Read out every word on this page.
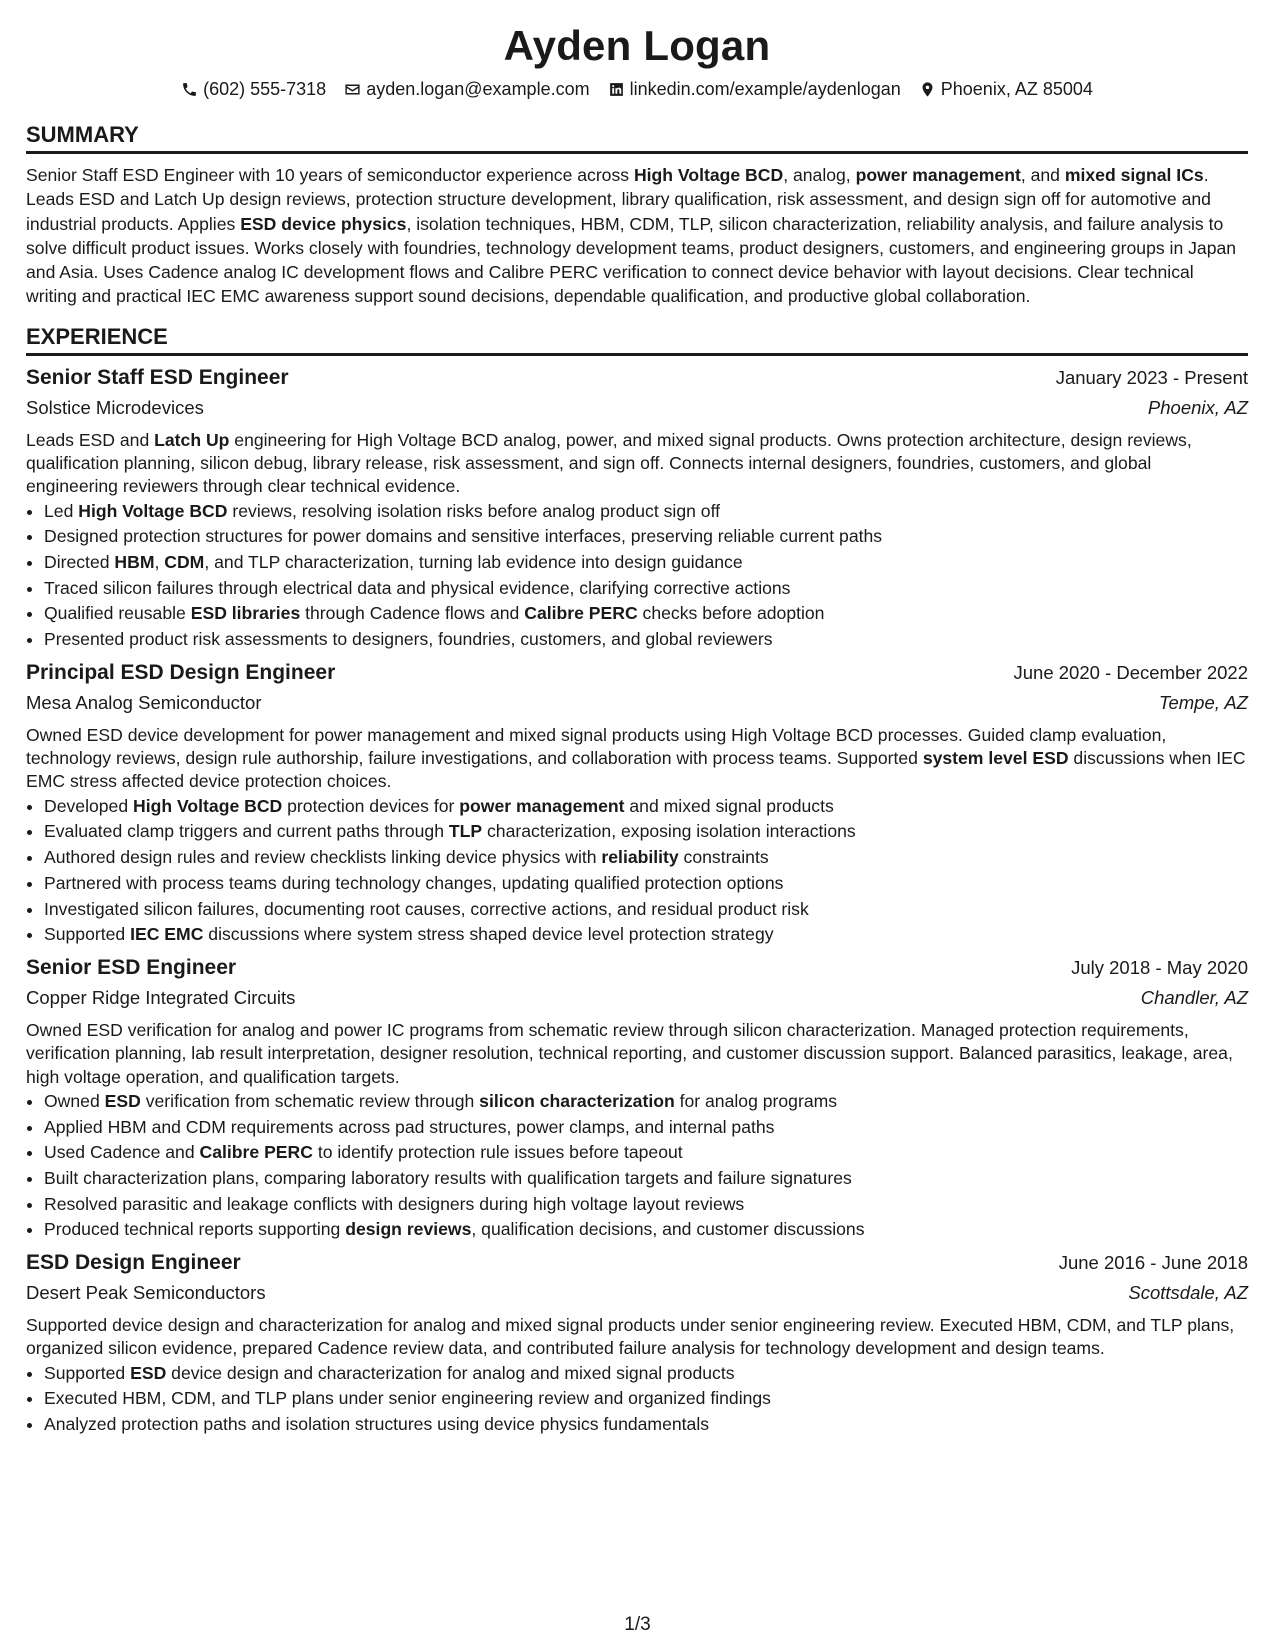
Ayden Logan
(602) 555-7318 ayden.logan@example.com linkedin.com/example/aydenlogan Phoenix, AZ 85004
SUMMARY

Senior Staff ESD Engineer with 10 years of semiconductor experience across High Voltage BCD, analog, power management, and mixed signal ICs. Leads ESD and Latch Up design reviews, protection structure development, library qualification, risk assessment, and design sign off for automotive and industrial products. Applies ESD device physics, isolation techniques, HBM, CDM, TLP, silicon characterization, reliability analysis, and failure analysis to solve difficult product issues. Works closely with foundries, technology development teams, product designers, customers, and engineering groups in Japan and Asia. Uses Cadence analog IC development flows and Calibre PERC verification to connect device behavior with layout decisions. Clear technical writing and practical IEC EMC awareness support sound decisions, dependable qualification, and productive global collaboration.

EXPERIENCE
Senior Staff ESD Engineer	January 2023 - Present
Solstice Microdevices	Phoenix, AZ

Leads ESD and Latch Up engineering for High Voltage BCD analog, power, and mixed signal products. Owns protection architecture, design reviews, qualification planning, silicon debug, library release, risk assessment, and sign off. Connects internal designers, foundries, customers, and global engineering reviewers through clear technical evidence.

• Led High Voltage BCD reviews, resolving isolation risks before analog product sign off
• Designed protection structures for power domains and sensitive interfaces, preserving reliable current paths
• Directed HBM, CDM, and TLP characterization, turning lab evidence into design guidance
• Traced silicon failures through electrical data and physical evidence, clarifying corrective actions
• Qualified reusable ESD libraries through Cadence flows and Calibre PERC checks before adoption
• Presented product risk assessments to designers, foundries, customers, and global reviewers
Principal ESD Design Engineer	June 2020 - December 2022
Mesa Analog Semiconductor	Tempe, AZ

Owned ESD device development for power management and mixed signal products using High Voltage BCD processes. Guided clamp evaluation, technology reviews, design rule authorship, failure investigations, and collaboration with process teams. Supported system level ESD discussions when IEC EMC stress affected device protection choices.

• Developed High Voltage BCD protection devices for power management and mixed signal products
• Evaluated clamp triggers and current paths through TLP characterization, exposing isolation interactions
• Authored design rules and review checklists linking device physics with reliability constraints
• Partnered with process teams during technology changes, updating qualified protection options
• Investigated silicon failures, documenting root causes, corrective actions, and residual product risk
• Supported IEC EMC discussions where system stress shaped device level protection strategy
Senior ESD Engineer	July 2018 - May 2020
Copper Ridge Integrated Circuits	Chandler, AZ

Owned ESD verification for analog and power IC programs from schematic review through silicon characterization. Managed protection requirements, verification planning, lab result interpretation, designer resolution, technical reporting, and customer discussion support. Balanced parasitics, leakage, area, high voltage operation, and qualification targets.

• Owned ESD verification from schematic review through silicon characterization for analog programs
• Applied HBM and CDM requirements across pad structures, power clamps, and internal paths
• Used Cadence and Calibre PERC to identify protection rule issues before tapeout
• Built characterization plans, comparing laboratory results with qualification targets and failure signatures
• Resolved parasitic and leakage conflicts with designers during high voltage layout reviews
• Produced technical reports supporting design reviews, qualification decisions, and customer discussions
ESD Design Engineer	June 2016 - June 2018
Desert Peak Semiconductors	Scottsdale, AZ

Supported device design and characterization for analog and mixed signal products under senior engineering review. Executed HBM, CDM, and TLP plans, organized silicon evidence, prepared Cadence review data, and contributed failure analysis for technology development and design teams.

• Supported ESD device design and characterization for analog and mixed signal products
• Executed HBM, CDM, and TLP plans under senior engineering review and organized findings
• Analyzed protection paths and isolation structures using device physics fundamentals
1/3
